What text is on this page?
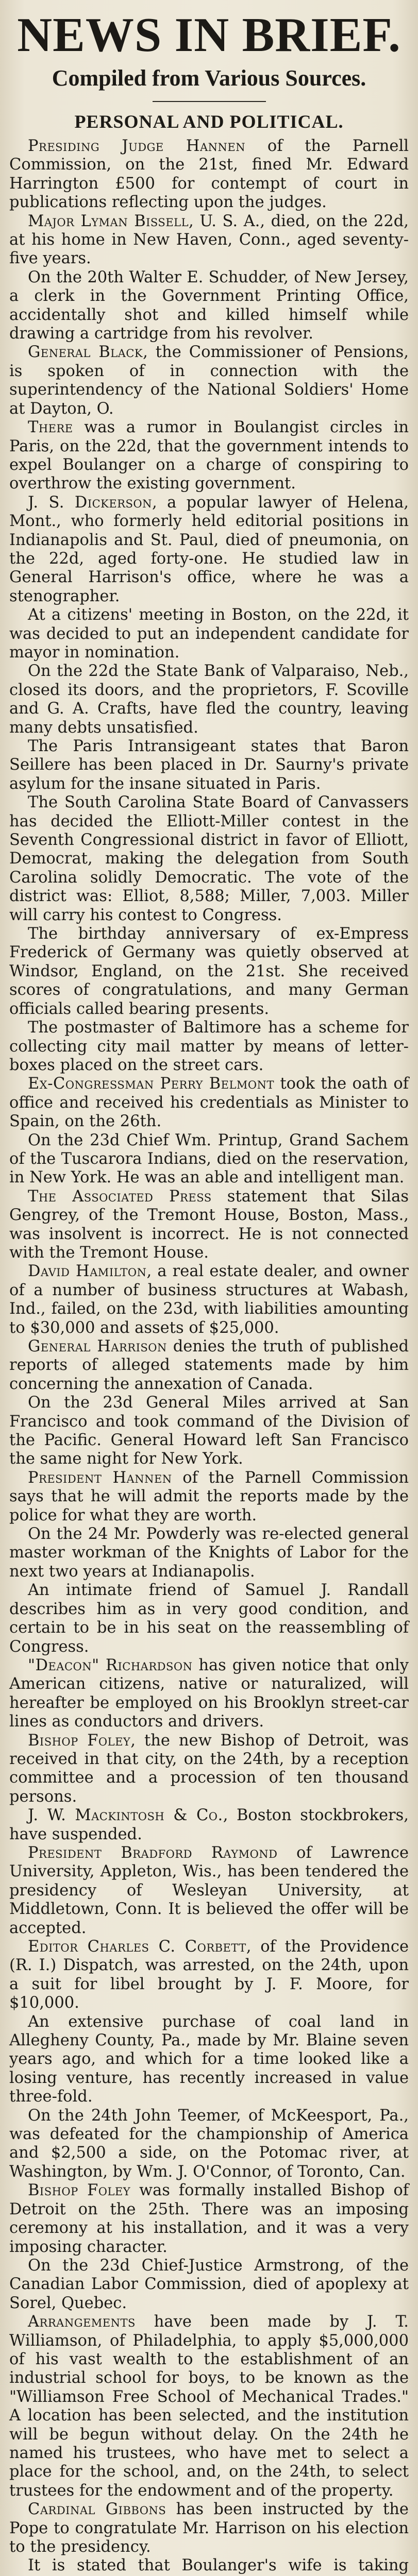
NEWS IN BRIEF.
Compiled from Various Sources.
PERSONAL AND POLITICAL.

Presiding Judge Hannen of the Parnell Commission, on the 21st, fined Mr. Edward Harrington £500 for contempt of court in publications reflecting upon the judges.

Major Lyman Bissell, U. S. A., died, on the 22d, at his home in New Haven, Conn., aged seventy-five years.

On the 20th Walter E. Schudder, of New Jersey, a clerk in the Government Printing Office, accidentally shot and killed himself while drawing a cartridge from his revolver.

General Black, the Commissioner of Pensions, is spoken of in connection with the superintendency of the National Soldiers' Home at Dayton, O.

There was a rumor in Boulangist circles in Paris, on the 22d, that the government intends to expel Boulanger on a charge of conspiring to overthrow the existing government.

J. S. Dickerson, a popular lawyer of Helena, Mont., who formerly held editorial positions in Indianapolis and St. Paul, died of pneumonia, on the 22d, aged forty-one. He studied law in General Harrison's office, where he was a stenographer.

At a citizens' meeting in Boston, on the 22d, it was decided to put an independent candidate for mayor in nomination.

On the 22d the State Bank of Valparaiso, Neb., closed its doors, and the proprietors, F. Scoville and G. A. Crafts, have fled the country, leaving many debts unsatisfied.

The Paris Intransigeant states that Baron Seillere has been placed in Dr. Saurny's private asylum for the insane situated in Paris.

The South Carolina State Board of Canvassers has decided the Elliott-Miller contest in the Seventh Congressional district in favor of Elliott, Democrat, making the delegation from South Carolina solidly Democratic. The vote of the district was: Elliot, 8,588; Miller, 7,003. Miller will carry his contest to Congress.

The birthday anniversary of ex-Empress Frederick of Germany was quietly observed at Windsor, England, on the 21st. She received scores of congratulations, and many German officials called bearing presents.

The postmaster of Baltimore has a scheme for collecting city mail matter by means of letter-boxes placed on the street cars.

Ex-Congressman Perry Belmont took the oath of office and received his credentials as Minister to Spain, on the 26th.

On the 23d Chief Wm. Printup, Grand Sachem of the Tuscarora Indians, died on the reservation, in New York. He was an able and intelligent man.

The Associated Press statement that Silas Gengrey, of the Tremont House, Boston, Mass., was insolvent is incorrect. He is not connected with the Tremont House.

David Hamilton, a real estate dealer, and owner of a number of business structures at Wabash, Ind., failed, on the 23d, with liabilities amounting to $30,000 and assets of $25,000.

General Harrison denies the truth of published reports of alleged statements made by him concerning the annexation of Canada.

On the 23d General Miles arrived at San Francisco and took command of the Division of the Pacific. General Howard left San Francisco the same night for New York.

President Hannen of the Parnell Commission says that he will admit the reports made by the police for what they are worth.

On the 24 Mr. Powderly was re-elected general master workman of the Knights of Labor for the next two years at Indianapolis.

An intimate friend of Samuel J. Randall describes him as in very good condition, and certain to be in his seat on the reassembling of Congress.

"Deacon" Richardson has given notice that only American citizens, native or naturalized, will hereafter be employed on his Brooklyn street-car lines as conductors and drivers.

Bishop Foley, the new Bishop of Detroit, was received in that city, on the 24th, by a reception committee and a procession of ten thousand persons.

J. W. Mackintosh & Co., Boston stockbrokers, have suspended.

President Bradford Raymond of Lawrence University, Appleton, Wis., has been tendered the presidency of Wesleyan University, at Middletown, Conn. It is believed the offer will be accepted.

Editor Charles C. Corbett, of the Providence (R. I.) Dispatch, was arrested, on the 24th, upon a suit for libel brought by J. F. Moore, for $10,000.

An extensive purchase of coal land in Allegheny County, Pa., made by Mr. Blaine seven years ago, and which for a time looked like a losing venture, has recently increased in value three-fold.

On the 24th John Teemer, of McKeesport, Pa., was defeated for the championship of America and $2,500 a side, on the Potomac river, at Washington, by Wm. J. O'Connor, of Toronto, Can.

Bishop Foley was formally installed Bishop of Detroit on the 25th. There was an imposing ceremony at his installation, and it was a very imposing character.

On the 23d Chief-Justice Armstrong, of the Canadian Labor Commission, died of apoplexy at Sorel, Quebec.

Arrangements have been made by J. T. Williamson, of Philadelphia, to apply $5,000,000 of his vast wealth to the establishment of an industrial school for boys, to be known as the "Williamson Free School of Mechanical Trades." A location has been selected, and the institution will be begun without delay. On the 24th he named his trustees, who have met to select a place for the school, and, on the 24th, to select trustees for the endowment and of the property.

Cardinal Gibbons has been instructed by the Pope to congratulate Mr. Harrison on his election to the presidency.

It is stated that Boulanger's wife is taking
